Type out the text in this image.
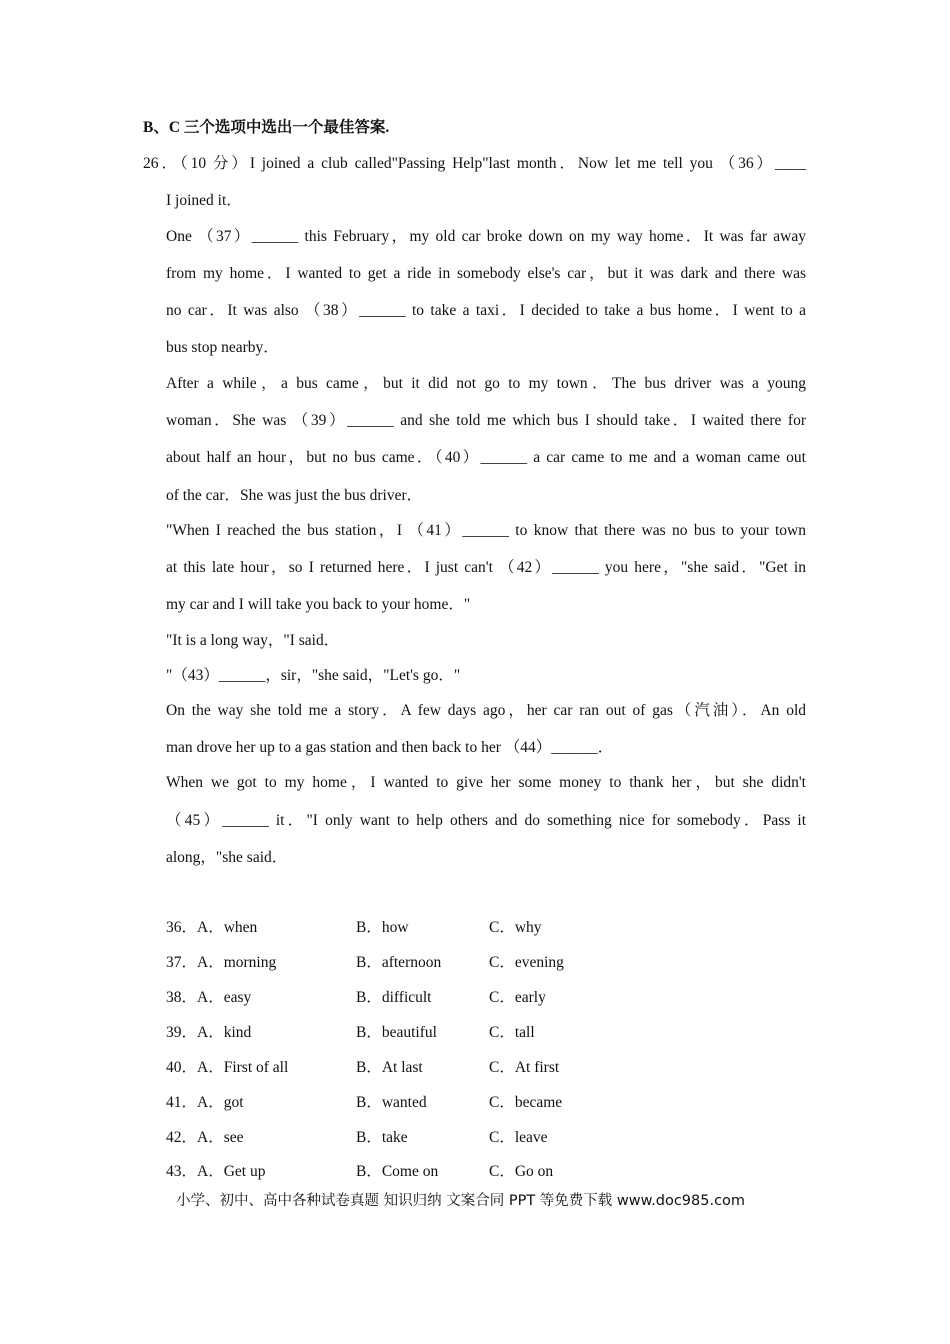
B、C 三个选项中选出一个最佳答案.
26．（10 分）I joined a club called"Passing Help"last month．Now let me tell you （36）____
I joined it．
One （37）______ this February，my old car broke down on my way home．It was far away
from my home．I wanted to get a ride in somebody else's car，but it was dark and there was
no car．It was also （38）______ to take a taxi．I decided to take a bus home．I went to a
bus stop nearby．
After a while，a bus came，but it did not go to my town．The bus driver was a young
woman．She was （39）______ and she told me which bus I should take．I waited there for
about half an hour，but no bus came．（40）______ a car came to me and a woman came out
of the car．She was just the bus driver．
"When I reached the bus station，I （41）______ to know that there was no bus to your town
at this late hour，so I returned here．I just can't （42）______ you here，"she said．"Get in
my car and I will take you back to your home．"
"It is a long way，"I said．
"（43）______，sir，"she said，"Let's go．"
On the way she told me a story．A few days ago，her car ran out of gas（汽油）．An old
man drove her up to a gas station and then back to her （44）______．
When we got to my home，I wanted to give her some money to thank her，but she didn't
（45）______ it．"I only want to help others and do something nice for somebody．Pass it
along，"she said．
36．A．when	B．how	C．why
37．A．morning	B．afternoon	C．evening
38．A．easy	B．difficult	C．early
39．A．kind	B．beautiful	C．tall
40．A．First of all	B．At last	C．At first
41．A．got	B．wanted	C．became
42．A．see	B．take	C．leave
43．A．Get up	B．Come on	C．Go on
小学、初中、高中各种试卷真题 知识归纳 文案合同 PPT 等免费下载 www.doc985.com
